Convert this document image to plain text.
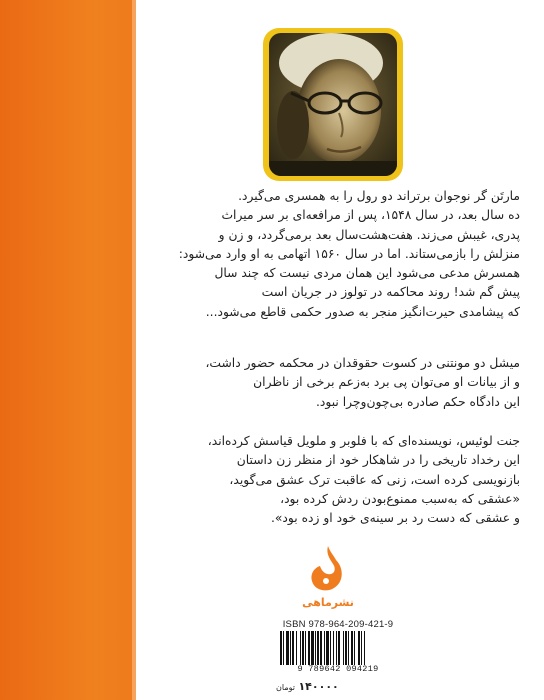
مارتَن گر نوجوان برتراند دو رول را به همسری می‌گیرد.

ده سال بعد، در سال ۱۵۴۸، پس از مرافعه‌ای بر سر میراث

پدری، غیبش می‌زند. هفت‌هشت‌سال بعد برمی‌گردد، و زن و

منزلش را بازمی‌ستاند. اما در سال ۱۵۶۰ اتهامی به او وارد می‌شود:

همسرش مدعی می‌شود این همان مردی نیست که چند سال

پیش گم شد! روند محاکمه در تولوز در جریان است

که پیشامدی حیرت‌انگیز منجر به صدور حکمی قاطع می‌شود...

میشل دو مونتنی در کسوت حقوقدان در محکمه حضور داشت،

و از بیانات او می‌توان پی برد به‌زعم برخی از ناظران

این دادگاه حکم صادره بی‌چون‌وچرا نبود.

جنت لوئیس، نویسنده‌ای که با فلوبر و ملویل قیاسش کرده‌اند،

این رخداد تاریخی را در شاهکار خود از منظر زن داستان

بازنویسی کرده است، زنی که عاقبت ترک عشق می‌گوید،

«عشقی که به‌سبب ممنوع‌بودن ردش کرده بود،

و عشقی که دست رد بر سینه‌ی خود او زده بود».

نشرماهی
ISBN 978-964-209-421-9
9 789642 094219
۱۴۰۰۰۰ تومان
